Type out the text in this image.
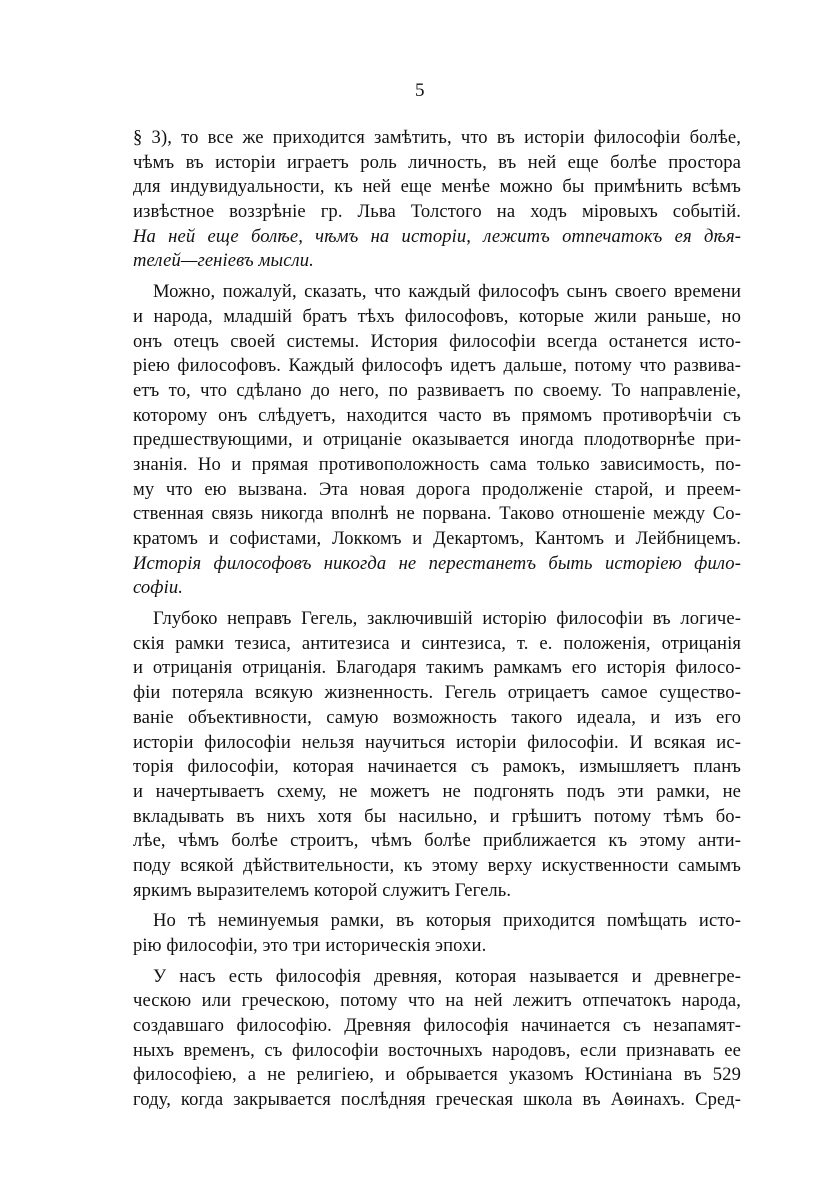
5
§ 3), то все же приходится замѣтить, что въ исторіи философіи болѣе,
чѣмъ въ исторіи играетъ роль личность, въ ней еще болѣе простора
для индувидуальности, къ ней еще менѣе можно бы примѣнить всѣмъ
извѣстное воззрѣніе гр. Льва Толстого на ходъ міровыхъ событій.
На ней еще болѣе, чѣмъ на исторіи, лежитъ отпечатокъ ея дѣя-
телей—геніевъ мысли.
Можно, пожалуй, сказать, что каждый философъ сынъ своего времени
и народа, младшій братъ тѣхъ философовъ, которые жили раньше, но
онъ отецъ своей системы. История философіи всегда останется исто-
ріею философовъ. Каждый философъ идетъ дальше, потому что развива-
етъ то, что сдѣлано до него, по развиваетъ по своему. То направленіе,
которому онъ слѣдуетъ, находится часто въ прямомъ противорѣчіи съ
предшествующими, и отрицаніе оказывается иногда плодотворнѣе при-
знанія. Но и прямая противоположность сама только зависимость, по-
му что ею вызвана. Эта новая дорога продолженіе старой, и преем-
ственная связь никогда вполнѣ не порвана. Таково отношеніе между Со-
кратомъ и софистами, Локкомъ и Декартомъ, Кантомъ и Лейбницемъ.
Исторія философовъ никогда не перестанетъ быть исторіею фило-
софіи.
Глубоко неправъ Гегель, заключившій исторію философіи въ логиче-
скія рамки тезиса, антитезиса и синтезиса, т. е. положенія, отрицанія
и отрицанія отрицанія. Благодаря такимъ рамкамъ его исторія филосо-
фіи потеряла всякую жизненность. Гегель отрицаетъ самое существо-
ваніе объективности, самую возможность такого идеала, и изъ его
исторіи философіи нельзя научиться исторіи философіи. И всякая ис-
торія философіи, которая начинается съ рамокъ, измышляетъ планъ
и начертываетъ схему, не можетъ не подгонять подъ эти рамки, не
вкладывать въ нихъ хотя бы насильно, и грѣшитъ потому тѣмъ бо-
лѣе, чѣмъ болѣе строитъ, чѣмъ болѣе приближается къ этому анти-
поду всякой дѣйствительности, къ этому верху искуственности самымъ
яркимъ выразителемъ которой служитъ Гегель.
Но тѣ неминуемыя рамки, въ которыя приходится помѣщать исто-
рію философіи, это три историческія эпохи.
У насъ есть философія древняя, которая называется и древнегре-
ческою или греческою, потому что на ней лежитъ отпечатокъ народа,
создавшаго философію. Древняя философія начинается съ незапамят-
ныхъ временъ, съ философіи восточныхъ народовъ, если признавать ее
философіею, а не религіею, и обрывается указомъ Юстиніана въ 529
году, когда закрывается послѣдняя греческая школа въ Аѳинахъ. Сред-
